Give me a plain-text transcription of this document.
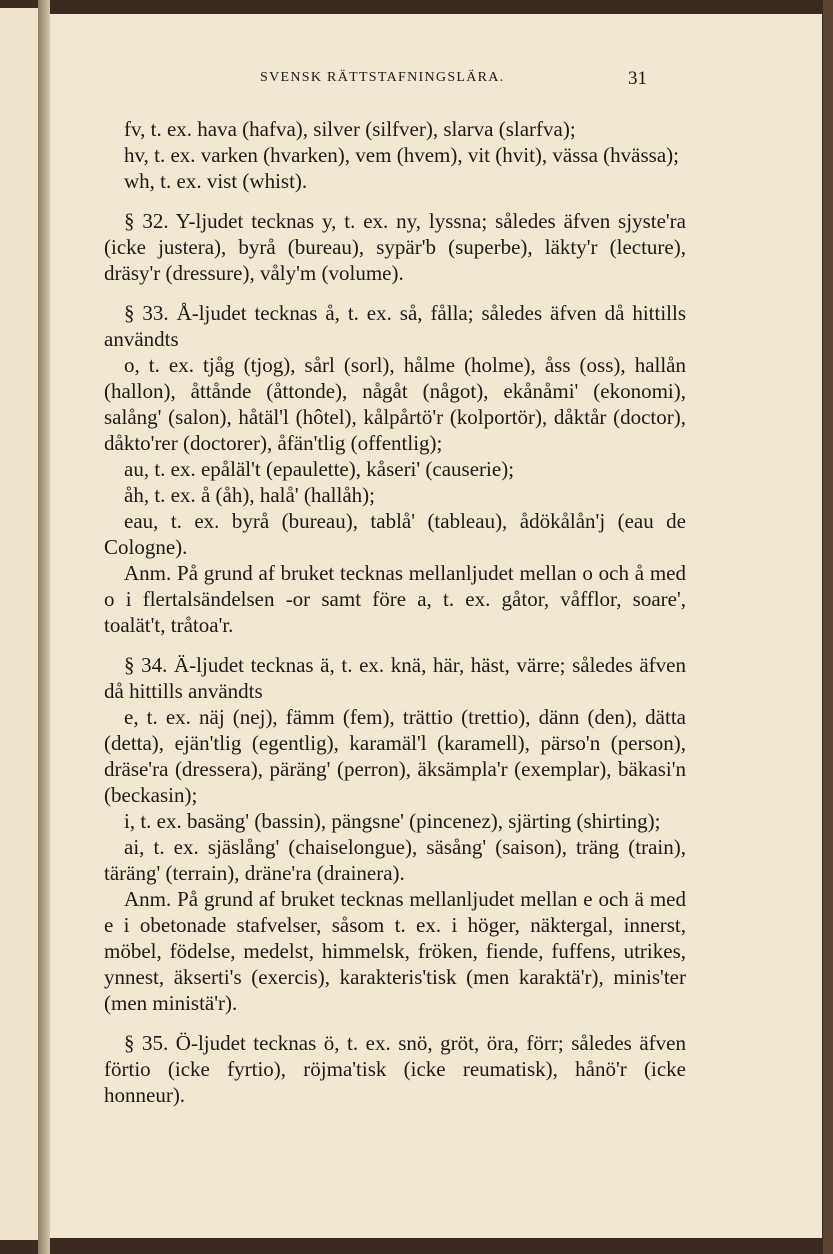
SVENSK RÄTTSTAFNINGSLÄRA.	31

fv, t. ex. hava (hafva), silver (silfver), slarva (slarfva);

hv, t. ex. varken (hvarken), vem (hvem), vit (hvit), vässa (hvässa);

wh, t. ex. vist (whist).

§ 32. Y-ljudet tecknas y, t. ex. ny, lyssna; således äfven sjyste'ra (icke justera), byrå (bureau), sypär'b (superbe), läkty'r (lecture), dräsy'r (dressure), våly'm (volume).

§ 33. Å-ljudet tecknas å, t. ex. så, fålla; således äfven då hittills användts

o, t. ex. tjåg (tjog), sårl (sorl), hålme (holme), åss (oss), hallån (hallon), åttånde (åttonde), någåt (något), ekånåmi' (ekonomi), salång' (salon), håtäl'l (hôtel), kålpårtö'r (kolportör), dåktår (doctor), dåkto'rer (doctorer), åfän'tlig (offentlig);

au, t. ex. epåläl't (epaulette), kåseri' (causerie);

åh, t. ex. å (åh), halå' (hallåh);

eau, t. ex. byrå (bureau), tablå' (tableau), ådökålån'j (eau de Cologne).

Anm. På grund af bruket tecknas mellanljudet mellan o och å med o i flertalsändelsen -or samt före a, t. ex. gåtor, våfflor, soare', toalät't, tråtoa'r.

§ 34. Ä-ljudet tecknas ä, t. ex. knä, här, häst, värre; således äfven då hittills användts

e, t. ex. näj (nej), fämm (fem), trättio (trettio), dänn (den), dätta (detta), ejän'tlig (egentlig), karamäl'l (karamell), pärso'n (person), dräse'ra (dressera), päräng' (perron), äksämpla'r (exemplar), bäkasi'n (beckasin);

i, t. ex. basäng' (bassin), pängsne' (pincenez), sjärting (shirting);

ai, t. ex. sjäslång' (chaiselongue), säsång' (saison), träng (train), täräng' (terrain), dräne'ra (drainera).

Anm. På grund af bruket tecknas mellanljudet mellan e och ä med e i obetonade stafvelser, såsom t. ex. i höger, näktergal, innerst, möbel, födelse, medelst, himmelsk, fröken, fiende, fuffens, utrikes, ynnest, äkserti's (exercis), karakteris'tisk (men karaktä'r), minis'ter (men ministä'r).

§ 35. Ö-ljudet tecknas ö, t. ex. snö, gröt, öra, förr; således äfven förtio (icke fyrtio), röjma'tisk (icke reumatisk), hånö'r (icke honneur).
